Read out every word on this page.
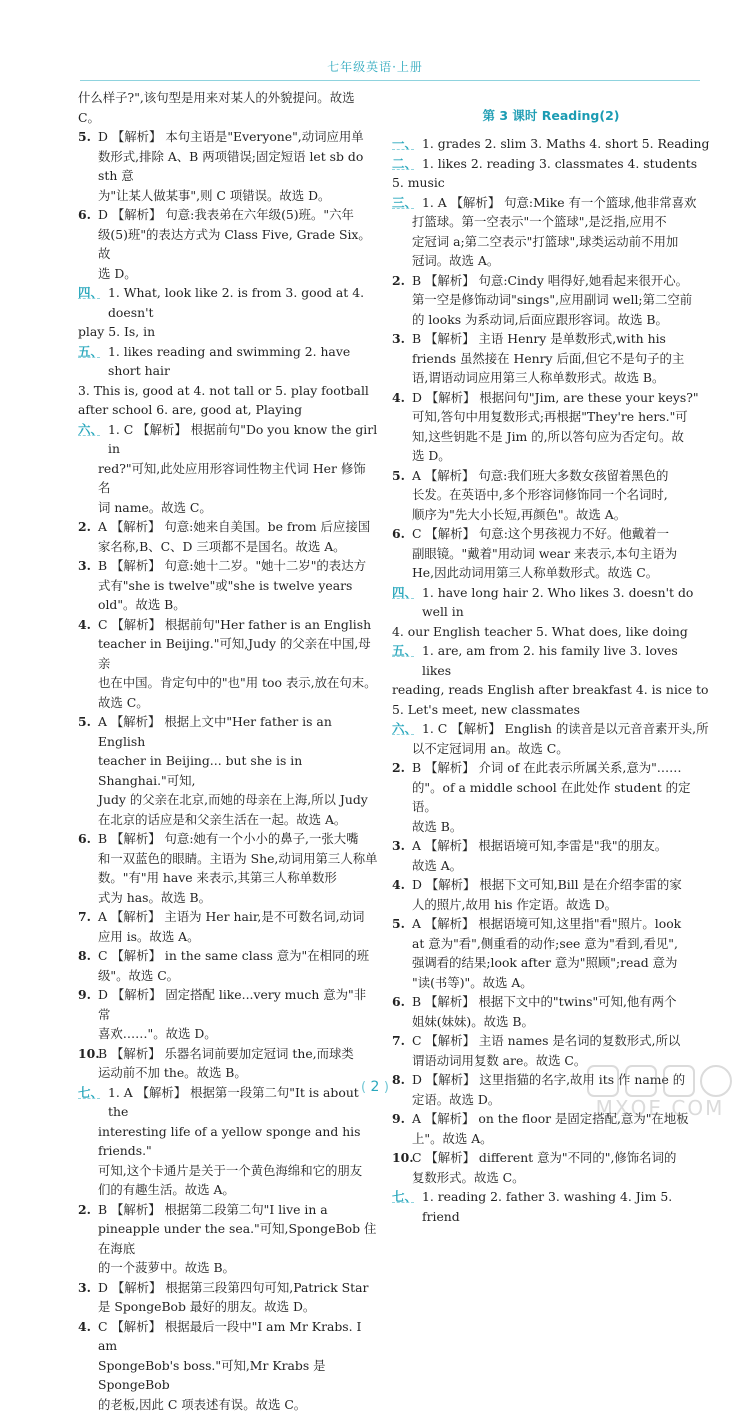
七年级英语·上册
什么样子?",该句型是用来对某人的外貌提问。故选 C。
5. D 【解析】 本句主语是"Everyone",动词应用单
数形式,排除 A、B 两项错误;固定短语 let sb do sth 意
为"让某人做某事",则 C 项错误。故选 D。
6. D 【解析】 句意:我表弟在六年级(5)班。"六年
级(5)班"的表达方式为 Class Five, Grade Six。故
选 D。
四、 1. What, look like 2. is from 3. good at 4. doesn't
play 5. Is, in
五、 1. likes reading and swimming 2. have short hair
3. This is, good at 4. not tall or 5. play football
after school 6. are, good at, Playing
六、 1. C 【解析】 根据前句"Do you know the girl in
red?"可知,此处应用形容词性物主代词 Her 修饰名
词 name。故选 C。
2. A 【解析】 句意:她来自美国。be from 后应接国
家名称,B、C、D 三项都不是国名。故选 A。
3. B 【解析】 句意:她十二岁。"她十二岁"的表达方
式有"she is twelve"或"she is twelve years old"。故选 B。
4. C 【解析】 根据前句"Her father is an English
teacher in Beijing."可知,Judy 的父亲在中国,母亲
也在中国。肯定句中的"也"用 too 表示,放在句末。
故选 C。
5. A 【解析】 根据上文中"Her father is an English
teacher in Beijing... but she is in Shanghai."可知,
Judy 的父亲在北京,而她的母亲在上海,所以 Judy
在北京的话应是和父亲生活在一起。故选 A。
6. B 【解析】 句意:她有一个小小的鼻子,一张大嘴
和一双蓝色的眼睛。主语为 She,动词用第三人称单
数。"有"用 have 来表示,其第三人称单数形
式为 has。故选 B。
7. A 【解析】 主语为 Her hair,是不可数名词,动词
应用 is。故选 A。
8. C 【解析】 in the same class 意为"在相同的班
级"。故选 C。
9. D 【解析】 固定搭配 like...very much 意为"非常
喜欢……"。故选 D。
10.
B 【解析】 乐器名词前要加定冠词 the,而球类
运动前不加 the。故选 B。
七、 1. A 【解析】 根据第一段第二句"It is about the
interesting life of a yellow sponge and his friends."
可知,这个卡通片是关于一个黄色海绵和它的朋友
们的有趣生活。故选 A。
2. B 【解析】 根据第二段第二句"I live in a
pineapple under the sea."可知,SpongeBob 住在海底
的一个菠萝中。故选 B。
3. D 【解析】 根据第三段第四句可知,Patrick Star
是 SpongeBob 最好的朋友。故选 D。
4. C 【解析】 根据最后一段中"I am Mr Krabs. I am
SpongeBob's boss."可知,Mr Krabs 是 SpongeBob
的老板,因此 C 项表述有误。故选 C。
第 3 课时 Reading(2)
一、 1. grades 2. slim 3. Maths 4. short 5. Reading
二、 1. likes 2. reading 3. classmates 4. students
5. music
三、 1. A 【解析】 句意:Mike 有一个篮球,他非常喜欢
打篮球。第一空表示"一个篮球",是泛指,应用不
定冠词 a;第二空表示"打篮球",球类运动前不用加
冠词。故选 A。
2. B 【解析】 句意:Cindy 唱得好,她看起来很开心。
第一空是修饰动词"sings",应用副词 well;第二空前
的 looks 为系动词,后面应跟形容词。故选 B。
3. B 【解析】 主语 Henry 是单数形式,with his
friends 虽然接在 Henry 后面,但它不是句子的主
语,谓语动词应用第三人称单数形式。故选 B。
4. D 【解析】 根据问句"Jim, are these your keys?"
可知,答句中用复数形式;再根据"They're hers."可
知,这些钥匙不是 Jim 的,所以答句应为否定句。故
选 D。
5. A 【解析】 句意:我们班大多数女孩留着黑色的
长发。在英语中,多个形容词修饰同一个名词时,
顺序为"先大小长短,再颜色"。故选 A。
6. C 【解析】 句意:这个男孩视力不好。他戴着一
副眼镜。"戴着"用动词 wear 来表示,本句主语为
He,因此动词用第三人称单数形式。故选 C。
四、 1. have long hair 2. Who likes 3. doesn't do well in
4. our English teacher 5. What does, like doing
五、 1. are, am from 2. his family live 3. loves likes
reading, reads English after breakfast 4. is nice to
5. Let's meet, new classmates
六、 1. C 【解析】 English 的读音是以元音音素开头,所
以不定冠词用 an。故选 C。
2. B 【解析】 介词 of 在此表示所属关系,意为"……
的"。of a middle school 在此处作 student 的定语。
故选 B。
3. A 【解析】 根据语境可知,李雷是"我"的朋友。
故选 A。
4. D 【解析】 根据下文可知,Bill 是在介绍李雷的家
人的照片,故用 his 作定语。故选 D。
5. A 【解析】 根据语境可知,这里指"看"照片。look
at 意为"看",侧重看的动作;see 意为"看到,看见",
强调看的结果;look after 意为"照顾";read 意为
"读(书等)"。故选 A。
6. B 【解析】 根据下文中的"twins"可知,他有两个
姐妹(妹妹)。故选 B。
7. C 【解析】 主语 names 是名词的复数形式,所以
谓语动词用复数 are。故选 C。
8. D 【解析】 这里指猫的名字,故用 its 作 name 的
定语。故选 D。
9. A 【解析】 on the floor 是固定搭配,意为"在地板
上"。故选 A。
10.
C 【解析】 different 意为"不同的",修饰名词的
复数形式。故选 C。
七、 1. reading 2. father 3. washing 4. Jim 5. friend
( 2 )
MXQE.COM
